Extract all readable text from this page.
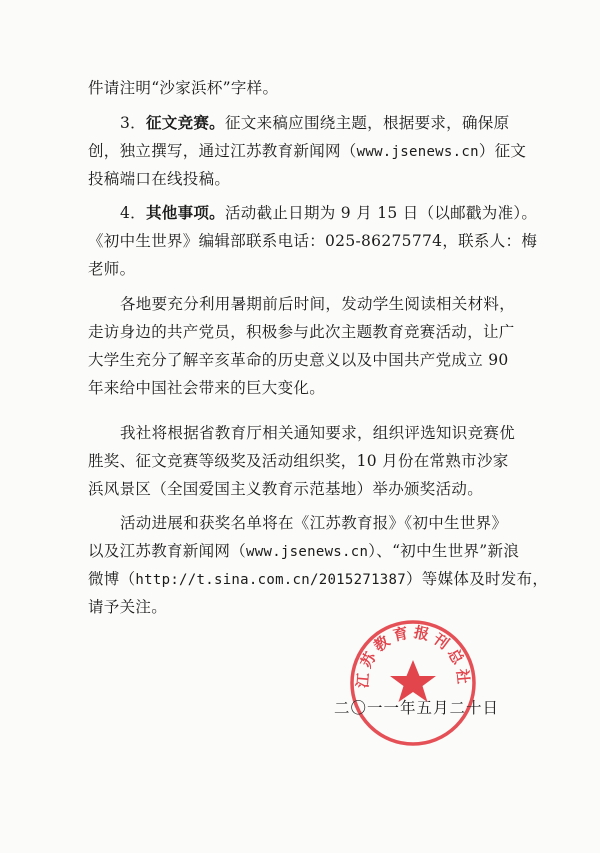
件请注明“沙家浜杯”字样。
3．征文竞赛。征文来稿应围绕主题，根据要求，确保原
创，独立撰写，通过江苏教育新闻网（www.jsenews.cn）征文
投稿端口在线投稿。
4．其他事项。活动截止日期为 9 月 15 日（以邮戳为准）。
《初中生世界》编辑部联系电话：025-86275774，联系人：梅
老师。
各地要充分利用暑期前后时间，发动学生阅读相关材料，
走访身边的共产党员，积极参与此次主题教育竞赛活动，让广
大学生充分了解辛亥革命的历史意义以及中国共产党成立 90
年来给中国社会带来的巨大变化。
我社将根据省教育厅相关通知要求，组织评选知识竞赛优
胜奖、征文竞赛等级奖及活动组织奖，10 月份在常熟市沙家
浜风景区（全国爱国主义教育示范基地）举办颁奖活动。
活动进展和获奖名单将在《江苏教育报》《初中生世界》
以及江苏教育新闻网（www.jsenews.cn）、“初中生世界”新浪
微博（http://t.sina.com.cn/2015271387）等媒体及时发布，
请予关注。
江苏教育报刊总社
二〇一一年五月二十日
